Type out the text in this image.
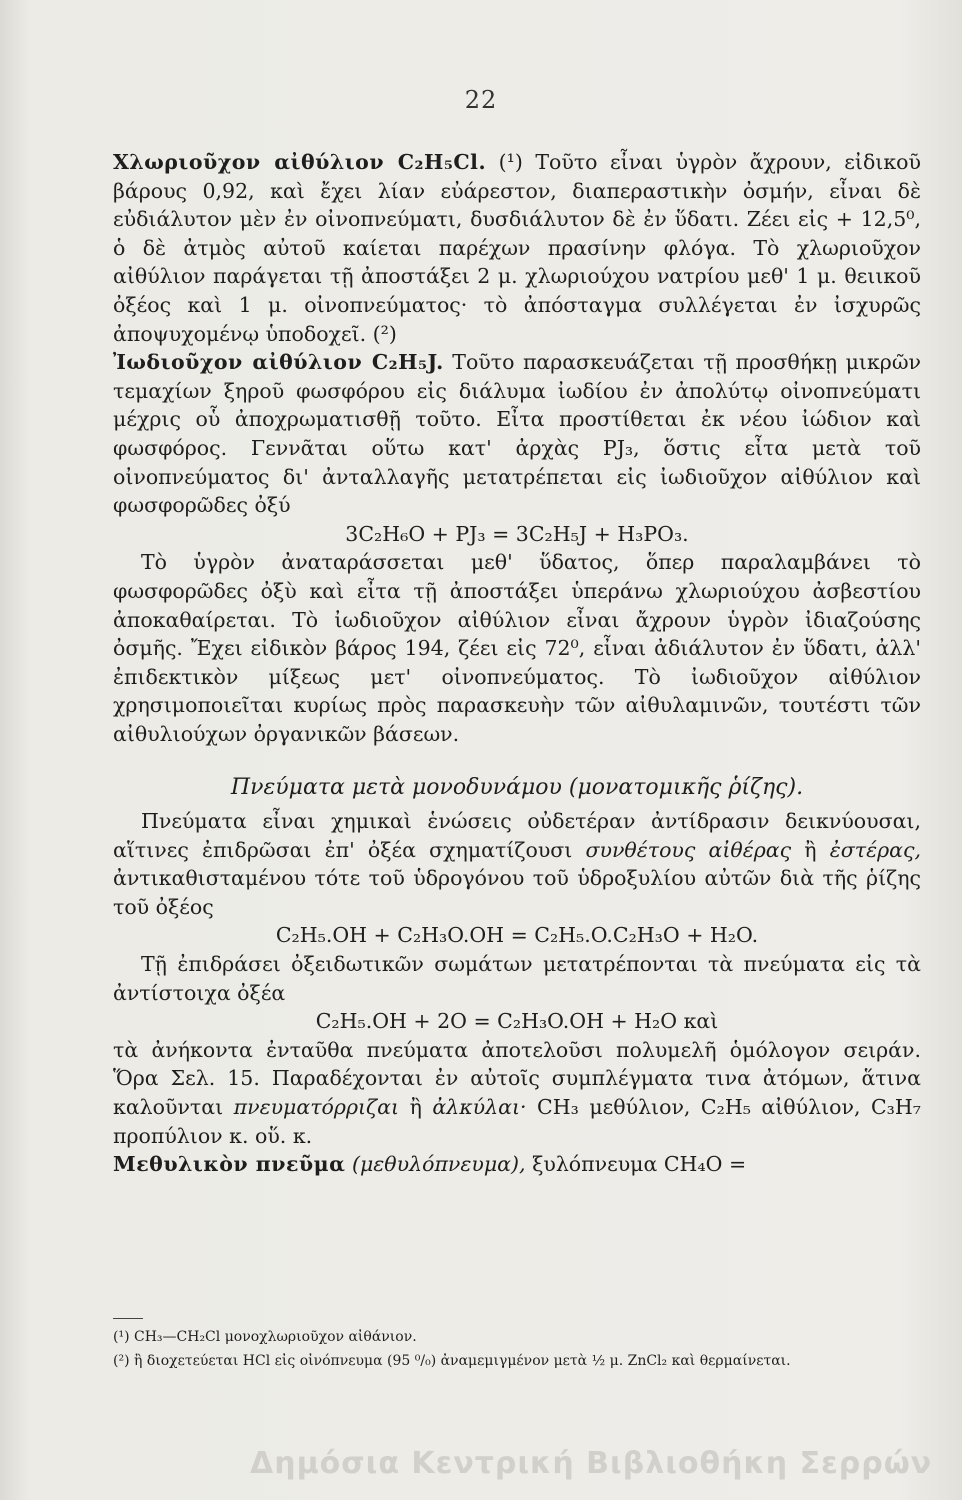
22

Χλωριοῦχον αἰθύλιον C₂H₅Cl. (¹) Τοῦτο εἶναι ὑγρὸν ἄχρουν, εἰδικοῦ βάρους 0,92, καὶ ἔχει λίαν εὐάρεστον, διαπεραστικὴν ὀσμήν, εἶναι δὲ εὐδιάλυτον μὲν ἐν οἰνοπνεύματι, δυσδιάλυτον δὲ ἐν ὕδατι. Ζέει εἰς + 12,5⁰, ὁ δὲ ἀτμὸς αὐτοῦ καίεται παρέχων πρασίνην φλόγα. Τὸ χλωριοῦχον αἰθύλιον παράγεται τῇ ἀποστάξει 2 μ. χλωριούχου νατρίου μεθ' 1 μ. θειικοῦ ὀξέος καὶ 1 μ. οἰνοπνεύματος· τὸ ἀπόσταγμα συλλέγεται ἐν ἰσχυρῶς ἀποψυχομένῳ ὑποδοχεῖ. (²)

Ἰωδιοῦχον αἰθύλιον C₂H₅J. Τοῦτο παρασκευάζεται τῇ προσθήκῃ μικρῶν τεμαχίων ξηροῦ φωσφόρου εἰς διάλυμα ἰωδίου ἐν ἀπολύτῳ οἰνοπνεύματι μέχρις οὗ ἀποχρωματισθῇ τοῦτο. Εἶτα προστίθεται ἐκ νέου ἰώδιον καὶ φωσφόρος. Γεννᾶται οὕτω κατ' ἀρχὰς PJ₃, ὅστις εἶτα μετὰ τοῦ οἰνοπνεύματος δι' ἀνταλλαγῆς μετατρέπεται εἰς ἰωδιοῦχον αἰθύλιον καὶ φωσφορῶδες ὀξύ

3C₂H₆O + PJ₃ = 3C₂H₅J + H₃PO₃.

Τὸ ὑγρὸν ἀναταράσσεται μεθ' ὕδατος, ὅπερ παραλαμβάνει τὸ φωσφορῶδες ὀξὺ καὶ εἶτα τῇ ἀποστάξει ὑπεράνω χλωριούχου ἀσβεστίου ἀποκαθαίρεται. Τὸ ἰωδιοῦχον αἰθύλιον εἶναι ἄχρουν ὑγρὸν ἰδιαζούσης ὀσμῆς. Ἔχει εἰδικὸν βάρος 194, ζέει εἰς 72⁰, εἶναι ἀδιάλυτον ἐν ὕδατι, ἀλλ' ἐπιδεκτικὸν μίξεως μετ' οἰνοπνεύματος. Τὸ ἰωδιοῦχον αἰθύλιον χρησιμοποιεῖται κυρίως πρὸς παρασκευὴν τῶν αἰθυλαμινῶν, τουτέστι τῶν αἰθυλιούχων ὀργανικῶν βάσεων.

Πνεύματα μετὰ μονοδυνάμου (μονατομικῆς ῥίζης).

Πνεύματα εἶναι χημικαὶ ἑνώσεις οὐδετέραν ἀντίδρασιν δεικνύουσαι, αἵτινες ἐπιδρῶσαι ἐπ' ὀξέα σχηματίζουσι συνθέτους αἰθέρας ἢ ἐστέρας, ἀντικαθισταμένου τότε τοῦ ὑδρογόνου τοῦ ὑδροξυλίου αὐτῶν διὰ τῆς ῥίζης τοῦ ὀξέος

C₂H₅.OH + C₂H₃O.OH = C₂H₅.O.C₂H₃O + H₂O.

Τῇ ἐπιδράσει ὀξειδωτικῶν σωμάτων μετατρέπονται τὰ πνεύματα εἰς τὰ ἀντίστοιχα ὀξέα

C₂H₅.OH + 2O = C₂H₃O.OH + H₂O καὶ

τὰ ἀνήκοντα ἐνταῦθα πνεύματα ἀποτελοῦσι πολυμελῆ ὁμόλογον σειράν. Ὅρα Σελ. 15. Παραδέχονται ἐν αὐτοῖς συμπλέγματα τινα ἀτόμων, ἅτινα καλοῦνται πνευματόρριζαι ἢ ἀλκύλαι· CH₃ μεθύλιον, C₂H₅ αἰθύλιον, C₃H₇ προπύλιον κ. οὕ. κ.

Μεθυλικὸν πνεῦμα (μεθυλόπνευμα), ξυλόπνευμα CH₄O =

(¹) CH₃—CH₂Cl μονοχλωριοῦχον αἰθάνιον.
(²) ἢ διοχετεύεται HCl εἰς οἰνόπνευμα (95 ⁰/₀) ἀναμεμιγμένον μετὰ ½ μ. ZnCl₂ καὶ θερμαίνεται.
Δημόσια Κεντρική Βιβλιοθήκη Σερρών
